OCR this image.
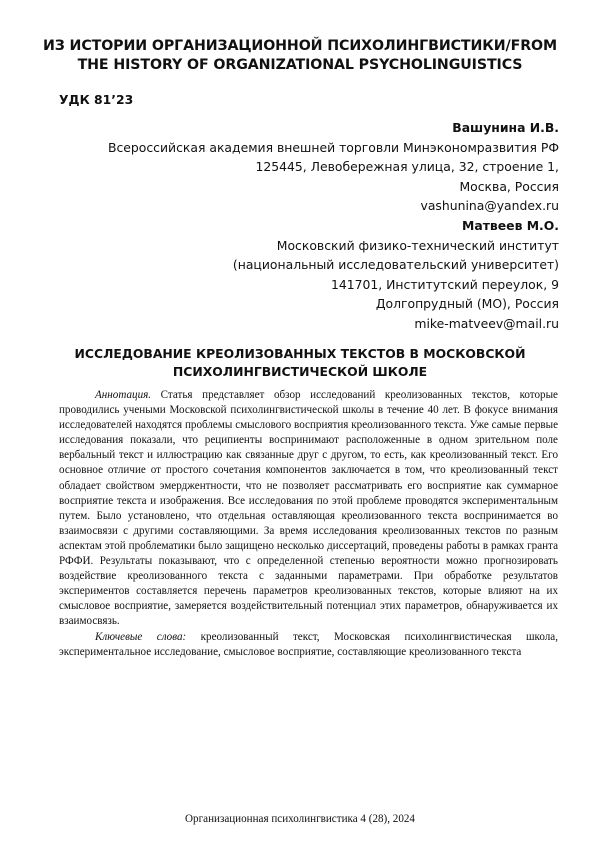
ИЗ ИСТОРИИ ОРГАНИЗАЦИОННОЙ ПСИХОЛИНГВИСТИКИ/FROM
THE HISTORY OF ORGANIZATIONAL PSYCHOLINGUISTICS
УДК 81’23
Вашунина И.В.
Всероссийская академия внешней торговли Минэкономразвития РФ
125445, Левобережная улица, 32, строение 1,
Москва, Россия
vashunina@yandex.ru
Матвеев М.О.
Московский физико-технический институт
(национальный исследовательский университет)
141701, Институтский переулок, 9
Долгопрудный (МО), Россия
mike-matveev@mail.ru
ИССЛЕДОВАНИЕ КРЕОЛИЗОВАННЫХ ТЕКСТОВ В МОСКОВСКОЙ
ПСИХОЛИНГВИСТИЧЕСКОЙ ШКОЛЕ

Аннотация. Статья представляет обзор исследований креолизованных текстов, которые проводились учеными Московской психолингвистической школы в течение 40 лет. В фокусе внимания исследователей находятся проблемы смыслового восприятия креолизованного текста. Уже самые первые исследования показали, что реципиенты воспринимают расположенные в одном зрительном поле вербальный текст и иллюстрацию как связанные друг с другом, то есть, как креолизованный текст. Его основное отличие от простого сочетания компонентов заключается в том, что креолизованный текст обладает свойством эмерджентности, что не позволяет рассматривать его восприятие как суммарное восприятие текста и изображения. Все исследования по этой проблеме проводятся экспериментальным путем. Было установлено, что отдельная оставляющая креолизованного текста воспринимается во взаимосвязи с другими составляющими. За время исследования креолизованных текстов по разным аспектам этой проблематики было защищено несколько диссертаций, проведены работы в рамках гранта РФФИ. Результаты показывают, что с определенной степенью вероятности можно прогнозировать воздействие креолизованного текста с заданными параметрами. При обработке результатов экспериментов составляется перечень параметров креолизованных текстов, которые влияют на их смысловое восприятие, замеряется воздействительный потенциал этих параметров, обнаруживается их взаимосвязь.

Ключевые слова: креолизованный текст, Московская психолингвистическая школа, экспериментальное исследование, смысловое восприятие, составляющие креолизованного текста

Организационная психолингвистика 4 (28), 2024
